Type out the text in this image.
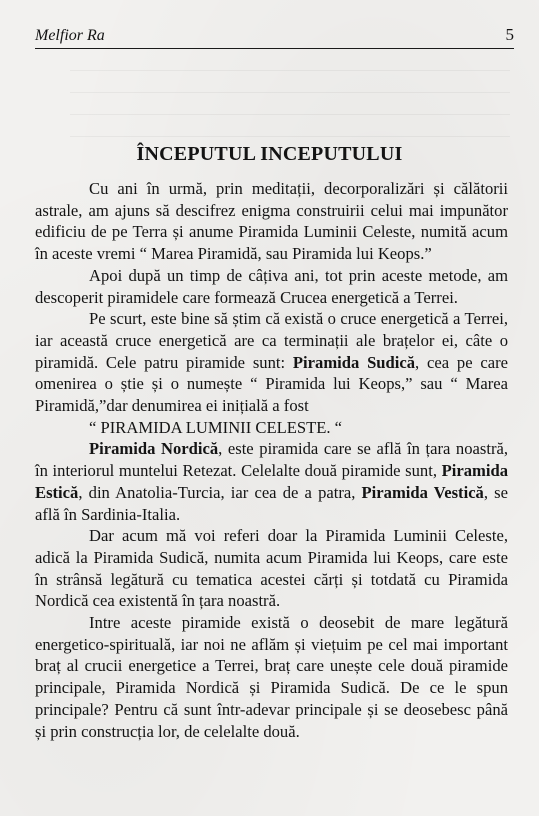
Melfior Ra	5
ÎNCEPUTUL INCEPUTULUI

Cu ani în urmă, prin meditații, decorporalizări și călătorii astrale, am ajuns să descifrez enigma construirii celui mai impunător edificiu de pe Terra și anume Piramida Luminii Celeste, numită acum în aceste vremi “ Marea Piramidă, sau Piramida lui Keops.”

Apoi după un timp de câțiva ani, tot prin aceste metode, am descoperit piramidele care formează Crucea energetică a Terrei.

Pe scurt, este bine să știm că există o cruce energetică a Terrei, iar această cruce energetică are ca terminații ale brațelor ei, câte o piramidă. Cele patru piramide sunt: Piramida Sudică, cea pe care omenirea o știe și o numește “ Piramida lui Keops,” sau “ Marea Piramidă,”dar denumirea ei inițială a fost

“ PIRAMIDA LUMINII CELESTE. “

Piramida Nordică, este piramida care se află în țara noastră, în interiorul muntelui Retezat. Celelalte două piramide sunt, Piramida Estică, din Anatolia-Turcia, iar cea de a patra, Piramida Vestică, se află în Sardinia-Italia.

Dar acum mă voi referi doar la Piramida Luminii Celeste, adică la Piramida Sudică, numita acum Piramida lui Keops, care este în strânsă legătură cu tematica acestei cărți și totdată cu Piramida Nordică cea existentă în țara noastră.

Intre aceste piramide există o deosebit de mare legătură energetico-spirituală, iar noi ne aflăm și viețuim pe cel mai important braț al crucii energetice a Terrei, braț care unește cele două piramide principale, Piramida Nordică și Piramida Sudică. De ce le spun principale? Pentru că sunt într-adevar principale și se deosebesc până și prin construcția lor, de celelalte două.
